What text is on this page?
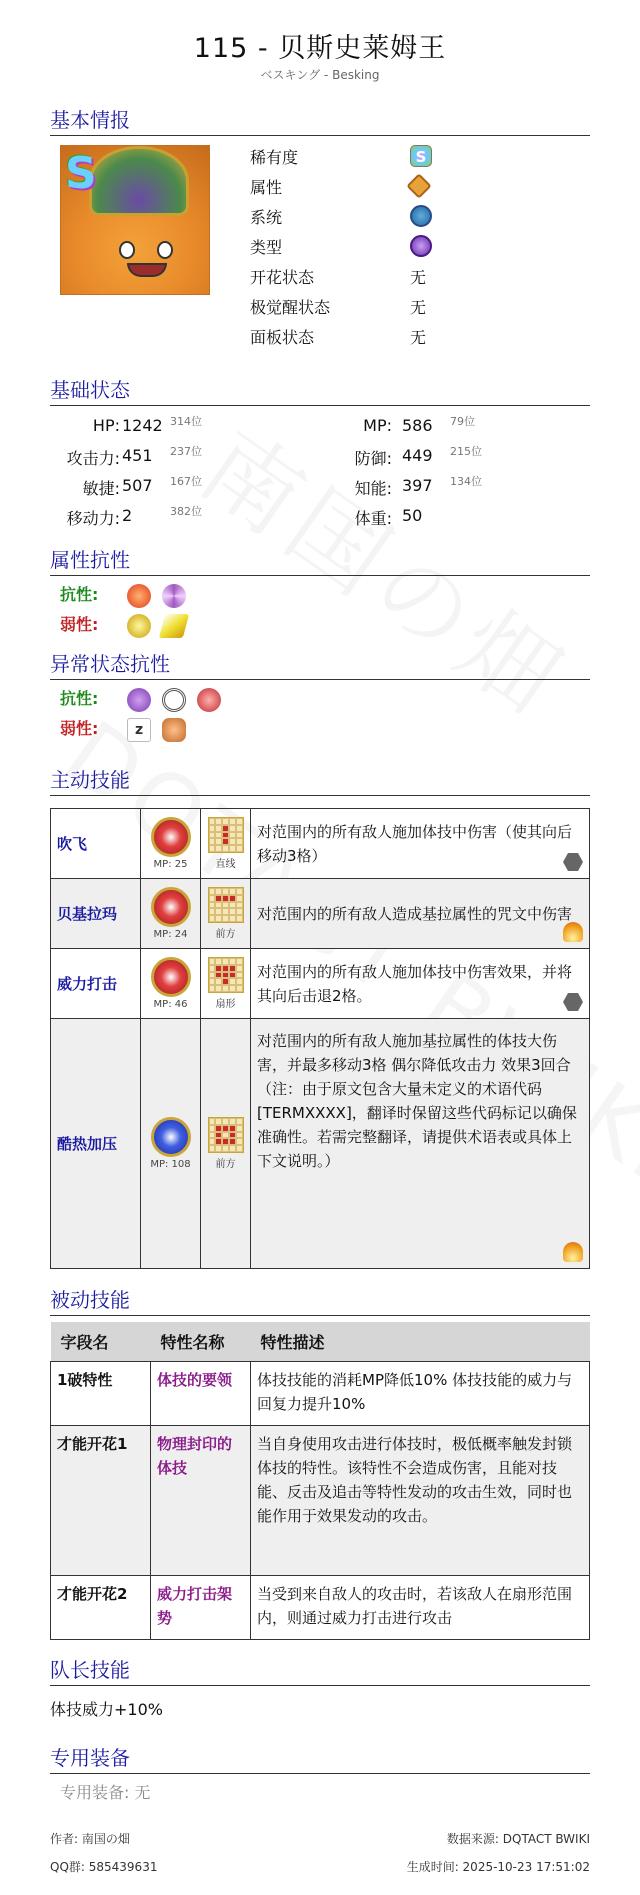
115 - 贝斯史莱姆王
ベスキング - Besking
基本情报
S	稀有度	S
属性
系统
类型
开花状态	无
极觉醒状态	无
面板状态	无
基础状态
HP: 1242 314位
攻击力: 451 237位
敏捷: 507 167位
移动力: 2	382位
MP: 586 79位
防御: 449 215位
知能: 397 134位
体重: 50
属性抗性
抗性:
弱性:
异常状态抗性
抗性:
弱性:	z
主动技能
吹飞	MP: 25	直线	对范围内的所有敌人施加体技中伤害（使其向后移动3格）

贝基拉玛	MP: 24	前方	对范围内的所有敌人造成基拉属性的咒文中伤害

威力打击	MP: 46	扇形	对范围内的所有敌人施加体技中伤害效果，并将其向后击退2格。

酷热加压	MP: 108	前方	对范围内的所有敌人施加基拉属性的体技大伤害，并最多移动3格 偶尔降低攻击力 效果3回合（注：由于原文包含大量未定义的术语代码[TERMXXXX]，翻译时保留这些代码标记以确保准确性。若需完整翻译，请提供术语表或具体上下文说明。）
被动技能
字段名	特性名称	特性描述
1破特性	体技的要领	体技技能的消耗MP降低10% 体技技能的威力与回复力提升10%
才能开花1	物理封印的体技	当自身使用攻击进行体技时，极低概率触发封锁体技的特性。该特性不会造成伤害，且能对技能、反击及追击等特性发动的攻击生效，同时也能作用于效果发动的攻击。
才能开花2	威力打击架势	当受到来自敌人的攻击时，若该敌人在扇形范围内，则通过威力打击进行攻击
队长技能
体技威力+10%
专用装备
专用装备: 无
作者: 南国の畑
QQ群: 585439631
数据来源: DQTACT BWIKI
生成时间: 2025-10-23 17:51:02
